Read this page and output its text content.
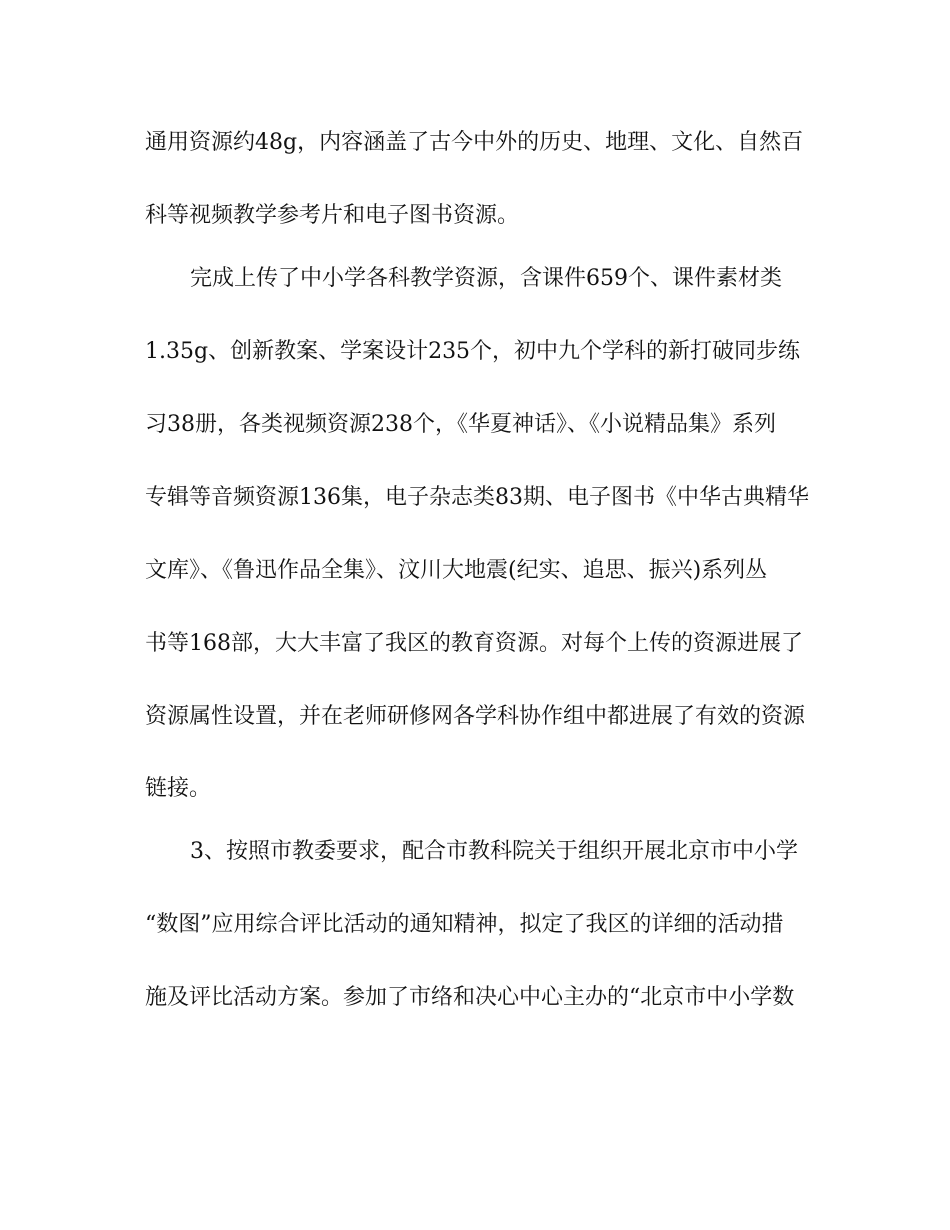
通用资源约48g，内容涵盖了古今中外的历史、地理、文化、自然百
科等视频教学参考片和电子图书资源。
完成上传了中小学各科教学资源，含课件659个、课件素材类
1.35g、创新教案、学案设计235个，初中九个学科的新打破同步练
习38册，各类视频资源238个，《华夏神话》、《小说精品集》系列
专辑等音频资源136集，电子杂志类83期、电子图书《中华古典精华
文库》、《鲁迅作品全集》、汶川大地震(纪实、追思、振兴)系列丛
书等168部，大大丰富了我区的教育资源。对每个上传的资源进展了
资源属性设置，并在老师研修网各学科协作组中都进展了有效的资源
链接。
3、按照市教委要求，配合市教科院关于组织开展北京市中小学
“数图”应用综合评比活动的通知精神，拟定了我区的详细的活动措
施及评比活动方案。参加了市络和决心中心主办的“北京市中小学数
